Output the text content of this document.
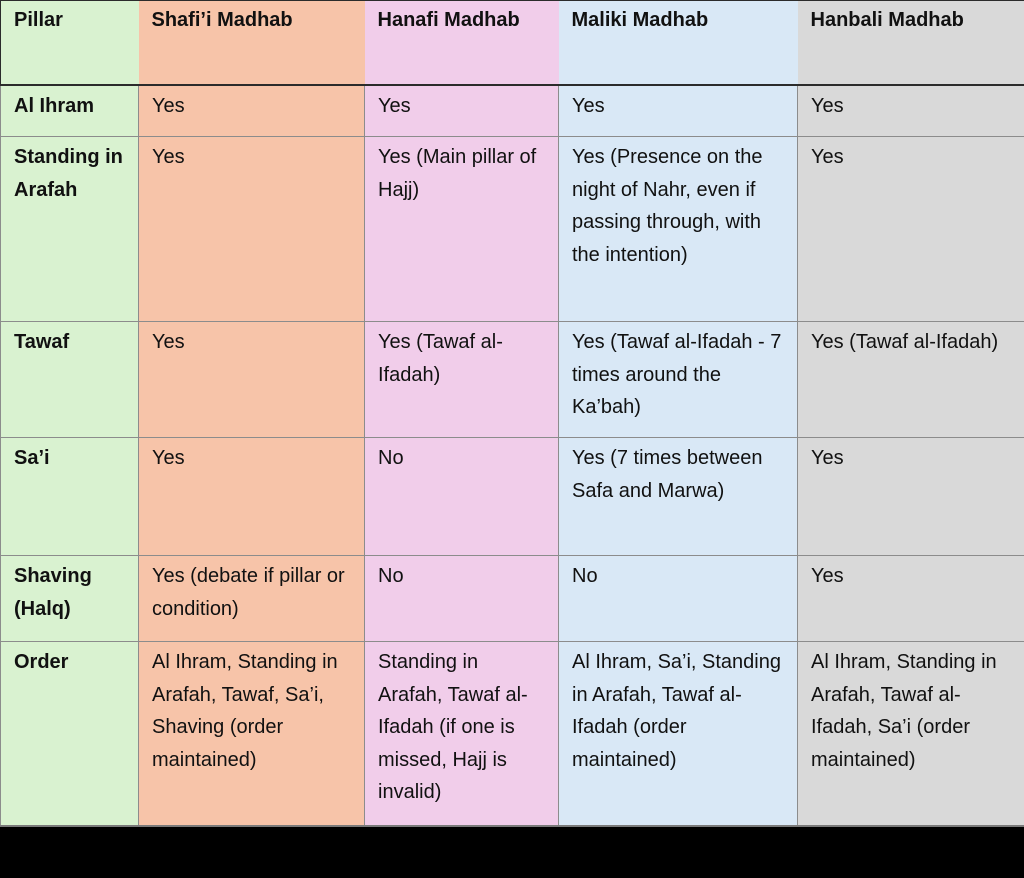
Pillar	Shafi’i Madhab	Hanafi Madhab	Maliki Madhab	Hanbali Madhab
Al Ihram	Yes	Yes	Yes	Yes
Standing in Arafah	Yes	Yes (Main pillar of Hajj)	Yes (Presence on the night of Nahr, even if passing through, with the intention)	Yes
Tawaf	Yes	Yes (Tawaf al-Ifadah)	Yes (Tawaf al-Ifadah - 7 times around the Ka’bah)	Yes (Tawaf al-Ifadah)
Sa’i	Yes	No	Yes (7 times between Safa and Marwa)	Yes
Shaving (Halq)	Yes (debate if pillar or condition)	No	No	Yes
Order	Al Ihram, Standing in Arafah, Tawaf, Sa’i, Shaving (order maintained)	Standing in Arafah, Tawaf al-Ifadah (if one is missed, Hajj is invalid)	Al Ihram, Sa’i, Standing in Arafah, Tawaf al-Ifadah (order maintained)	Al Ihram, Standing in Arafah, Tawaf al-Ifadah, Sa’i (order maintained)
